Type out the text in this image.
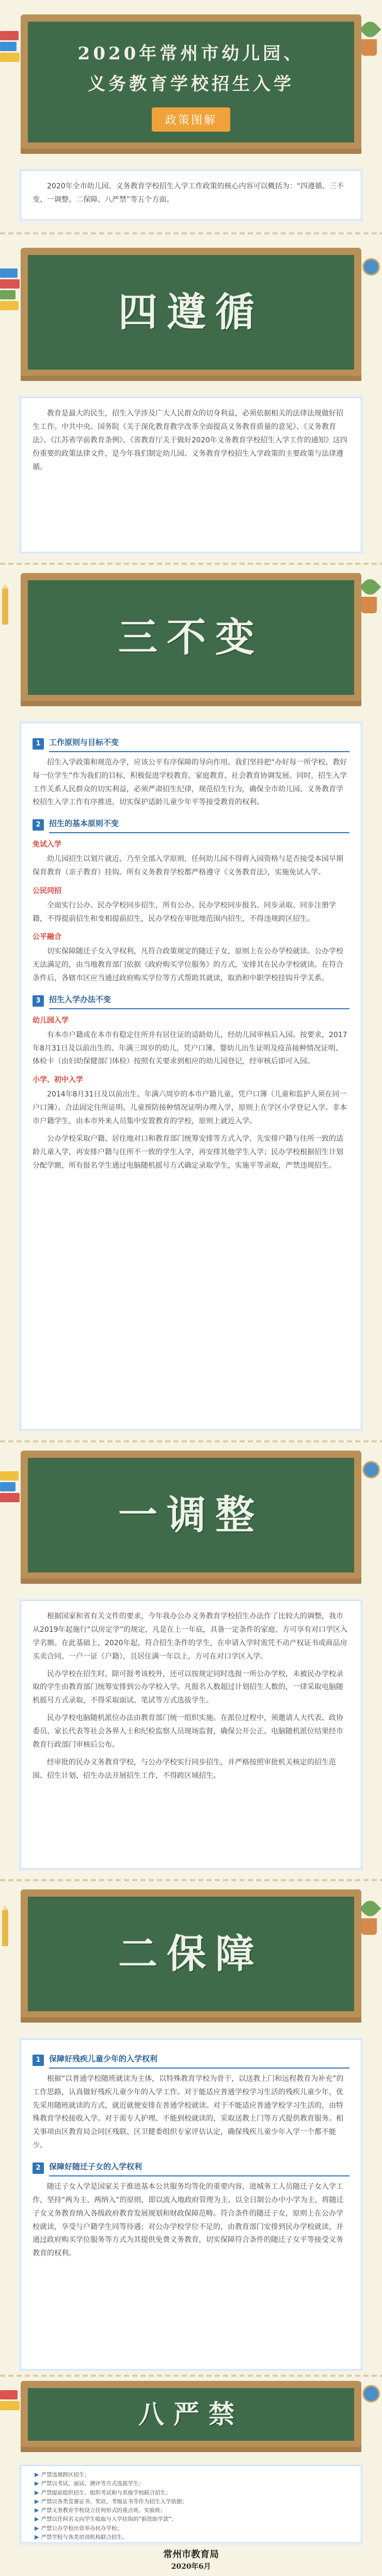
2020年常州市幼儿园、
义务教育学校招生入学
政策图解

2020年全市幼儿园、义务教育学校招生入学工作政策的核心内容可以概括为：“四遵循、三不变、一调整、二保障、八严禁”等五个方面。

四遵循

教育是最大的民生，招生入学涉及广大人民群众的切身利益，必须依据相关的法律法规做好招生工作。中共中央、国务院《关于深化教育教学改革全面提高义务教育质量的意见》、《义务教育法》、《江苏省学前教育条例》、《省教育厅关于做好2020年义务教育学校招生入学工作的通知》这四份重要的政策法律文件，是今年我们制定幼儿园、义务教育学校招生入学政策的主要政策与法律遵循。

三不变
1	工作原则与目标不变

招生入学政策和规范办学，应该公平有序保障的导向作用。我们坚持把“办好每一所学校、教好每一位学生”作为我们的目标，积极促进学校教育、家庭教育、社会教育协调发展。同时，招生入学工作关系人民群众的切实利益，必须严肃招生纪律，规范招生行为，确保全市幼儿园、义务教育学校招生入学工作有序推进，切实保护适龄儿童少年平等接受教育的权利。

2	招生的基本原则不变
免试入学

幼儿园招生以划片就近、乃至全部入学原则，任何幼儿园不得将入园资格与是否接受本园早期保育教育（亲子教育）挂钩。所有义务教育学校都严格遵守《义务教育法》，实施免试入学。

公民同招

全面实行公办、民办学校同步招生，所有公办、民办学校同步报名、同步录取、同步注册学籍，不得提前招生和变相提前招生，民办学校在审批地范围内招生，不得违规跨区招生。

公平融合

切实保障随迁子女入学权利，凡符合政策规定的随迁子女，原则上在公办学校就读。公办学校无法满足的，由当地教育部门依据《政府购买学位服务》的方式，安排其在民办学校就读。在符合条件后，各辖市区应当通过政府购买学位等方式帮助其就读，取消和中职学校挂钩升学关系。

3	招生入学办法不变
幼儿园入学

有本市户籍或在本市有稳定住所并有居住证的适龄幼儿，经幼儿园审核后入园。按要求，2017年8月31日及以前出生的、年满三周岁的幼儿，凭户口簿、婴幼儿出生证明及疫苗接种情况证明、体检卡（由妇幼保健部门体检）按照有关要求到相应的幼儿园登记，经审核后即可入园。

小学、初中入学

2014年8月31日及以前出生、年满六周岁的本市户籍儿童，凭户口簿（儿童和监护人须在同一户口簿）、合法固定住所证明、儿童预防接种情况证明办理入学，原则上在学区小学登记入学。非本市户籍学生，由本市外来人员集中安置教育的学校，原则上就近入学。

公办学校采取户籍、居住地对口和教育部门统筹安排等方式入学，先安排户籍与住所一致的适龄儿童入学，再安排户籍与住所不一致的学生入学，再安排其他学生入学；民办学校根据招生计划分配学额，所有报名学生通过电脑随机摇号方式确定录取学生，实施平等录取，严禁违规招生。

一调整

根据国家和省有关文件的要求，今年我办公办义务教育学校招生办法作了比较大的调整，我市从2019年起施行“以房定学”的规定，凡是在上一年底，具备一定条件的家庭，方可享有对口学区入学名额。在此基础上，2020年起，符合招生条件的学生，在申请入学时需凭不动产权证书或商品房买卖合同、一户一证（户籍），且居住满一年以上，方可在对口学区入学。

民办学校在招生时，除可报考该校外，还可以按规定同时选报一所公办学校，未被民办学校录取的学生由教育部门统筹安排到公办学校入学。凡报名人数超过计划招生人数的，一律采取电脑随机摇号方式录取，不得采取面试、笔试等方式选拔学生。

民办学校电脑随机派位办法由教育部门统一组织实施。在派位过程中，须邀请人大代表、政协委员、家长代表等社会各界人士和纪检监察人员现场监督，确保公开公正。电脑随机派位结果经市教育行政部门审核后公布。

经审批的民办义务教育学校，与公办学校实行同步招生，并严格按照审批机关核定的招生范围、招生计划、招生办法开展招生工作，不得跨区域招生。

二保障
1	保障好残疾儿童少年的入学权利

根据“以普通学校随班就读为主体，以特殊教育学校为骨干，以送教上门和远程教育为补充”的工作思路，认真做好残疾儿童少年的入学工作。对于能适应普通学校学习生活的残疾儿童少年，优先采用随班就读的方式，就近就便安排在普通学校就读。对于不能适应普通学校学习生活的，由特殊教育学校接收入学。对于需专人护理、不能到校就读的，采取送教上门等方式提供教育服务。相关事项由区教育局会同区残联、区卫健委组织专家评估认定，确保残疾儿童少年入学一个都不能少。

2	保障好随迁子女的入学权利

随迁子女入学是国家关于推进基本公共服务均等化的重要内容，进城务工人员随迁子女入学工作，坚持“两为主、两纳入”的原则，即以流入地政府管理为主、以全日制公办中小学为主，将随迁子女义务教育纳入各级政府教育发展规划和财政保障范畴。符合条件的随迁子女，原则上在公办学校就读，享受与户籍学生同等待遇；对公办学校学位不足的，由教育部门安排到民办学校就读，并通过政府购买学位服务等方式为其提供免费义务教育，切实保障符合条件的随迁子女平等接受义务教育的权利。

八严禁
▶ 严禁违规跨区招生；
▶ 严禁以考试、面试、测评等方式选拔学生；
▶ 严禁提前组织招生、组织考试和与其他学校联合招生；
▶ 严禁以各类竞赛证书、奖状、考级证书等作为招生入学依据；
▶ 严禁义务教育学校设立任何形式的重点班、实验班；
▶ 严禁以任何名义向学生收取与入学挂钩的“捐资助学款”；
▶ 严禁公办学校出资举办民办学校；
▶ 严禁学校与各类培训机构联合招生。
常州市教育局
2020年6月
